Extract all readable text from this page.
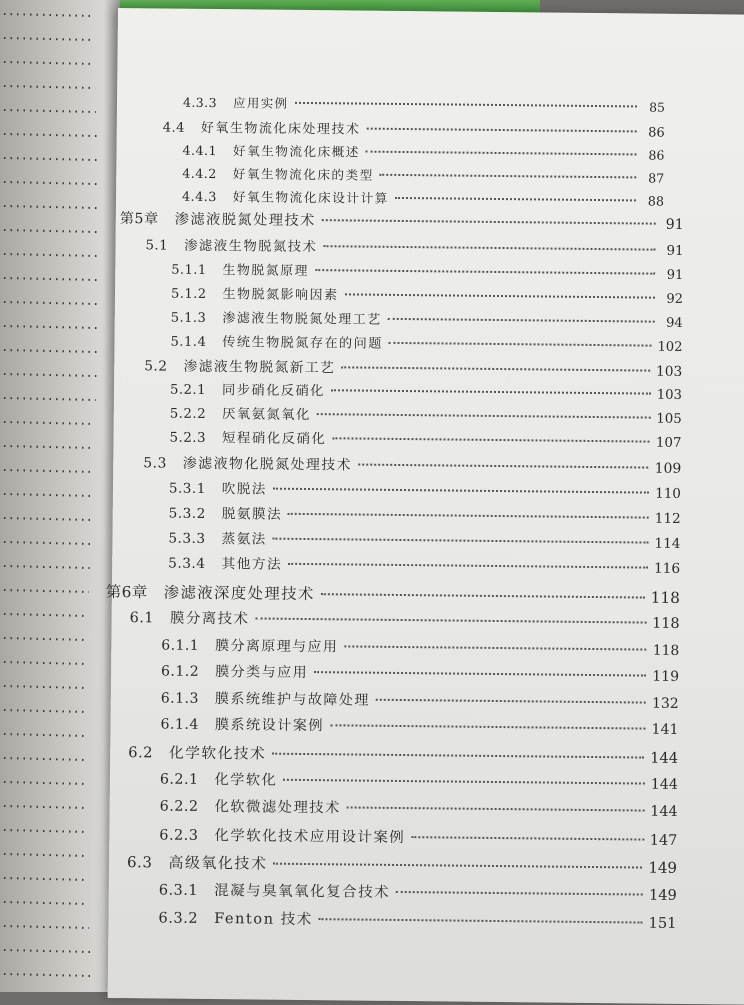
4.3.3 应用实例	85
4.4 好氧生物流化床处理技术	86
4.4.1 好氧生物流化床概述	86
4.4.2 好氧生物流化床的类型	87
4.4.3 好氧生物流化床设计计算	88
第5章 渗滤液脱氮处理技术	91
5.1 渗滤液生物脱氮技术	91
5.1.1 生物脱氮原理	91
5.1.2 生物脱氮影响因素	92
5.1.3 渗滤液生物脱氮处理工艺	94
5.1.4 传统生物脱氮存在的问题	102
5.2 渗滤液生物脱氮新工艺	103
5.2.1 同步硝化反硝化	103
5.2.2 厌氧氨氮氧化	105
5.2.3 短程硝化反硝化	107
5.3 渗滤液物化脱氮处理技术	109
5.3.1 吹脱法	110
5.3.2 脱氨膜法	112
5.3.3 蒸氨法	114
5.3.4 其他方法	116
第6章 渗滤液深度处理技术	118
6.1 膜分离技术	118
6.1.1 膜分离原理与应用	118
6.1.2 膜分类与应用	119
6.1.3 膜系统维护与故障处理	132
6.1.4 膜系统设计案例	141
6.2 化学软化技术	144
6.2.1 化学软化	144
6.2.2 化软微滤处理技术	144
6.2.3 化学软化技术应用设计案例	147
6.3 高级氧化技术	149
6.3.1 混凝与臭氧氧化复合技术	149
6.3.2 Fenton 技术	151
